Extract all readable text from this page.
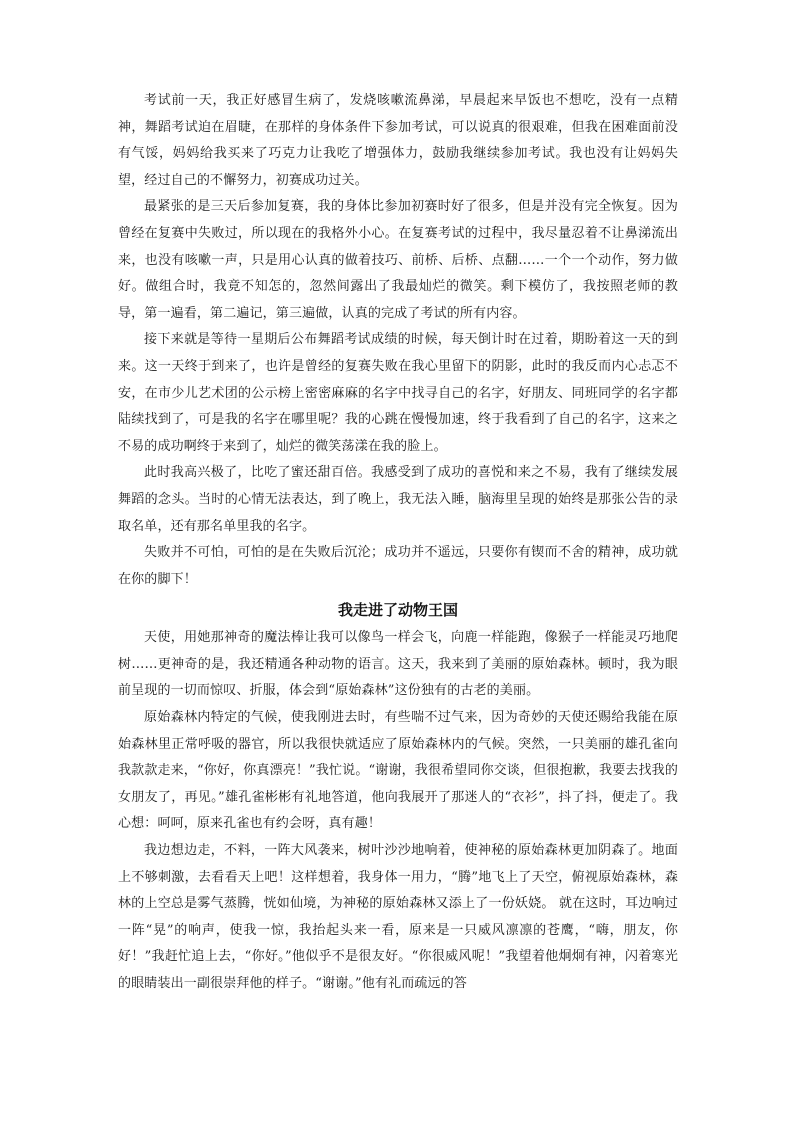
考试前一天，我正好感冒生病了，发烧咳嗽流鼻涕，早晨起来早饭也不想吃，没有一点精神，舞蹈考试迫在眉睫，在那样的身体条件下参加考试，可以说真的很艰难，但我在困难面前没有气馁，妈妈给我买来了巧克力让我吃了增强体力，鼓励我继续参加考试。我也没有让妈妈失望，经过自己的不懈努力，初赛成功过关。

最紧张的是三天后参加复赛，我的身体比参加初赛时好了很多，但是并没有完全恢复。因为曾经在复赛中失败过，所以现在的我格外小心。在复赛考试的过程中，我尽量忍着不让鼻涕流出来，也没有咳嗽一声，只是用心认真的做着技巧、前桥、后桥、点翻……一个一个动作，努力做好。做组合时，我竟不知怎的，忽然间露出了我最灿烂的微笑。剩下模仿了，我按照老师的教导，第一遍看，第二遍记，第三遍做，认真的完成了考试的所有内容。

接下来就是等待一星期后公布舞蹈考试成绩的时候，每天倒计时在过着，期盼着这一天的到来。这一天终于到来了，也许是曾经的复赛失败在我心里留下的阴影，此时的我反而内心忐忑不安，在市少儿艺术团的公示榜上密密麻麻的名字中找寻自己的名字，好朋友、同班同学的名字都陆续找到了，可是我的名字在哪里呢？我的心跳在慢慢加速，终于我看到了自己的名字，这来之不易的成功啊终于来到了，灿烂的微笑荡漾在我的脸上。

此时我高兴极了，比吃了蜜还甜百倍。我感受到了成功的喜悦和来之不易，我有了继续发展舞蹈的念头。当时的心情无法表达，到了晚上，我无法入睡，脑海里呈现的始终是那张公告的录取名单，还有那名单里我的名字。

失败并不可怕，可怕的是在失败后沉沦；成功并不遥远，只要你有锲而不舍的精神，成功就在你的脚下！

我走进了动物王国

天使，用她那神奇的魔法棒让我可以像鸟一样会飞，向鹿一样能跑，像猴子一样能灵巧地爬树……更神奇的是，我还精通各种动物的语言。这天，我来到了美丽的原始森林。顿时，我为眼前呈现的一切而惊叹、折服，体会到“原始森林”这份独有的古老的美丽。

原始森林内特定的气候，使我刚进去时，有些喘不过气来，因为奇妙的天使还赐给我能在原始森林里正常呼吸的器官，所以我很快就适应了原始森林内的气候。突然，一只美丽的雄孔雀向我款款走来，“你好，你真漂亮！”我忙说。“谢谢，我很希望同你交谈，但很抱歉，我要去找我的女朋友了，再见。”雄孔雀彬彬有礼地答道，他向我展开了那迷人的“衣衫”，抖了抖，便走了。我心想：呵呵，原来孔雀也有约会呀，真有趣！

我边想边走，不料，一阵大风袭来，树叶沙沙地响着，使神秘的原始森林更加阴森了。地面上不够刺激，去看看天上吧！这样想着，我身体一用力，“腾”地飞上了天空，俯视原始森林，森林的上空总是雾气蒸腾，恍如仙境，为神秘的原始森林又添上了一份妖娆。 就在这时，耳边响过一阵“晃”的响声，使我一惊，我抬起头来一看，原来是一只威风凛凛的苍鹰，“嗨，朋友，你好！”我赶忙追上去，“你好。”他似乎不是很友好。“你很威风呢！”我望着他炯炯有神，闪着寒光的眼睛装出一副很崇拜他的样子。“谢谢。”他有礼而疏远的答
